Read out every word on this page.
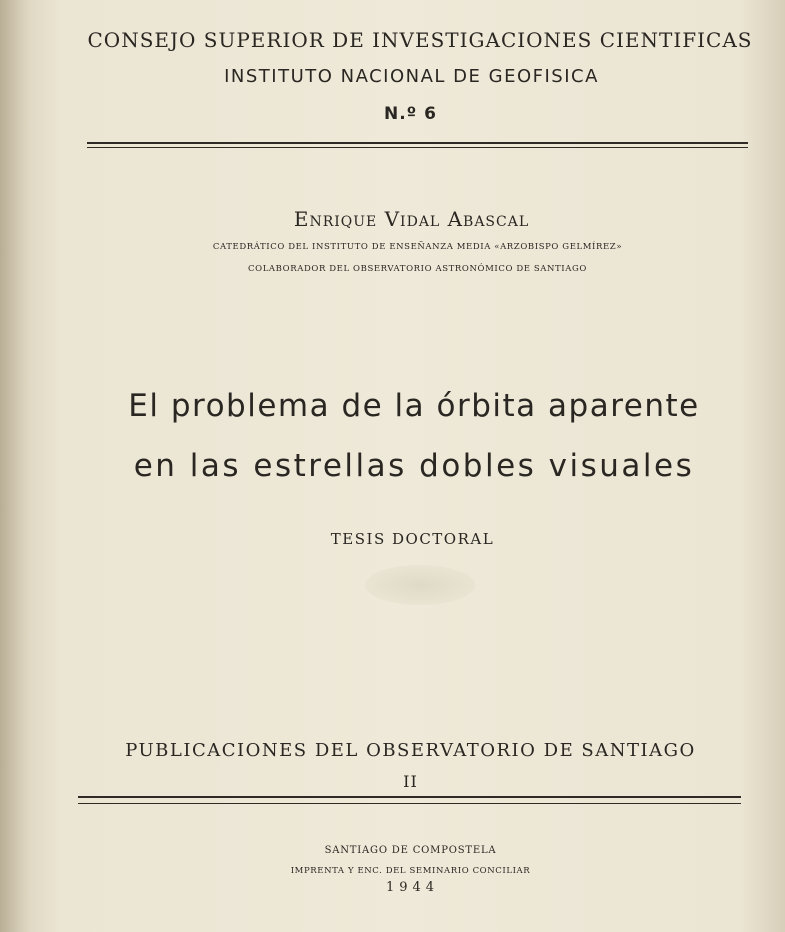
CONSEJO SUPERIOR DE INVESTIGACIONES CIENTIFICAS
INSTITUTO NACIONAL DE GEOFISICA
N.º 6
Enrique Vidal Abascal
CATEDRÁTICO DEL INSTITUTO DE ENSEÑANZA MEDIA «ARZOBISPO GELMÍREZ»
COLABORADOR DEL OBSERVATORIO ASTRONÓMICO DE SANTIAGO
El problema de la órbita aparente
en las estrellas dobles visuales
TESIS DOCTORAL
PUBLICACIONES DEL OBSERVATORIO DE SANTIAGO
II
SANTIAGO DE COMPOSTELA
IMPRENTA Y ENC. DEL SEMINARIO CONCILIAR
1944
